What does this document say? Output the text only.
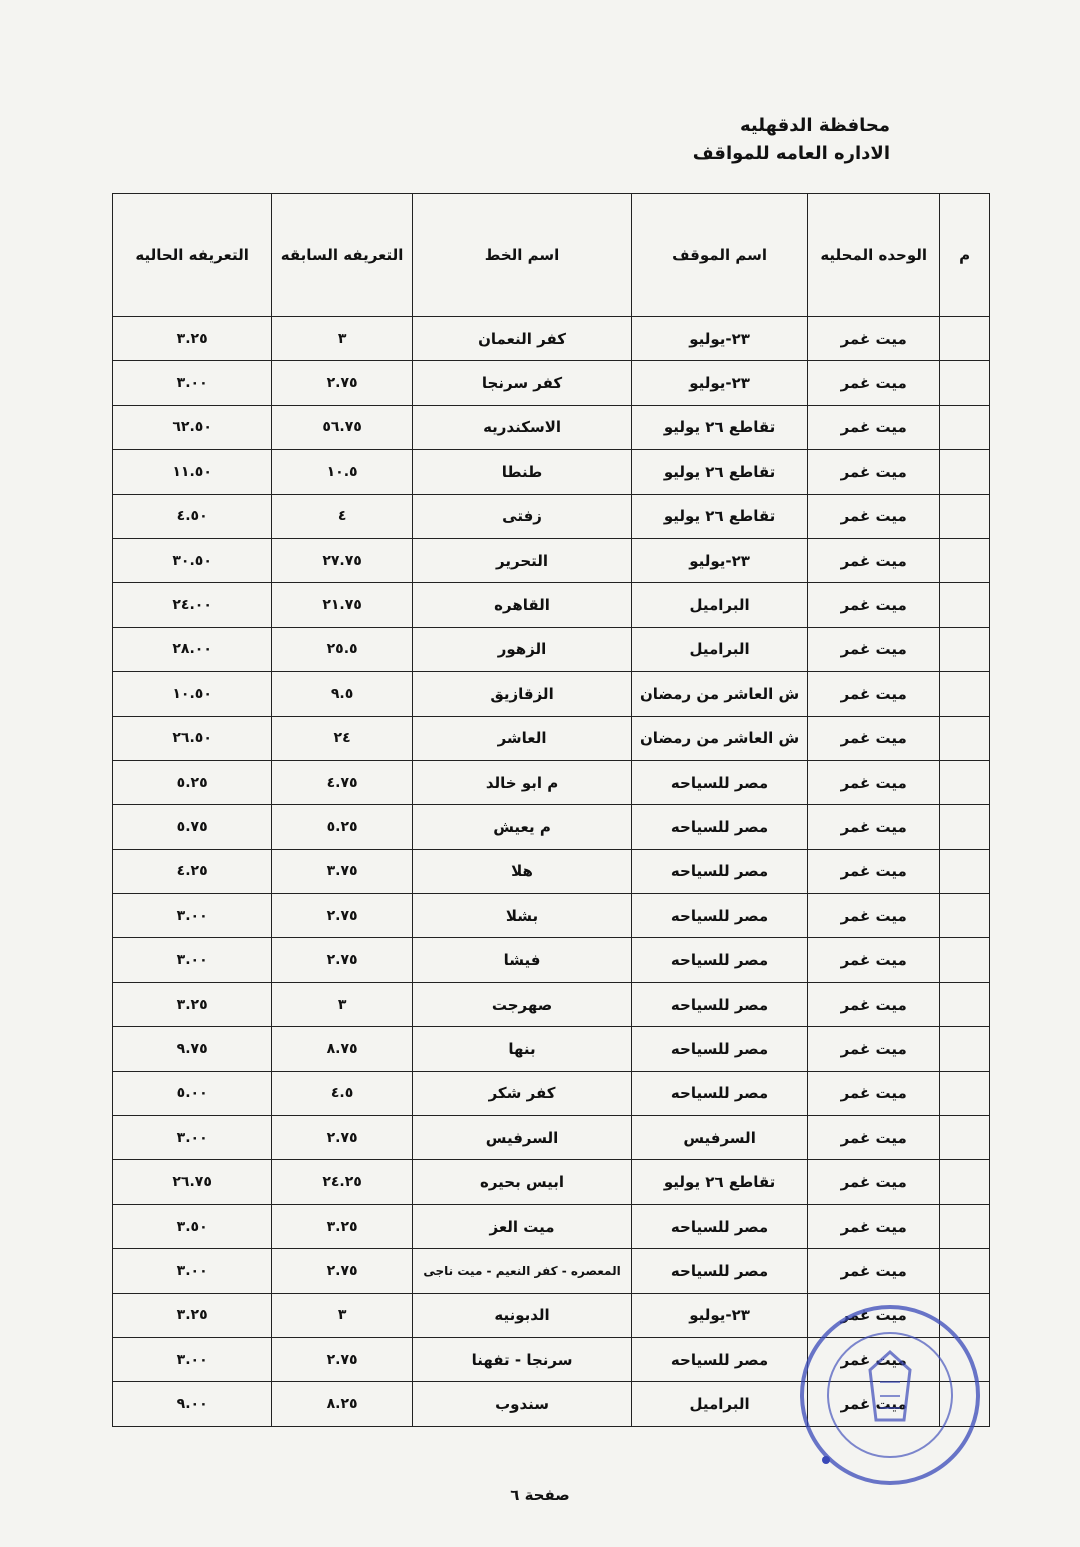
محافظة الدقهليه
الاداره العامه للمواقف
م	الوحده المحليه	اسم الموقف	اسم الخط	التعريفه السابقه	التعريفه الحاليه
	ميت غمر	٢٣-يوليو	كفر النعمان	٣	٣.٢٥
	ميت غمر	٢٣-يوليو	كفر سرنجا	٢.٧٥	٣.٠٠
	ميت غمر	تقاطع ٢٦ يوليو	الاسكندريه	٥٦.٧٥	٦٢.٥٠
	ميت غمر	تقاطع ٢٦ يوليو	طنطا	١٠.٥	١١.٥٠
	ميت غمر	تقاطع ٢٦ يوليو	زفتى	٤	٤.٥٠
	ميت غمر	٢٣-يوليو	التحرير	٢٧.٧٥	٣٠.٥٠
	ميت غمر	البراميل	القاهره	٢١.٧٥	٢٤.٠٠
	ميت غمر	البراميل	الزهور	٢٥.٥	٢٨.٠٠
	ميت غمر	ش العاشر من رمضان	الزقازيق	٩.٥	١٠.٥٠
	ميت غمر	ش العاشر من رمضان	العاشر	٢٤	٢٦.٥٠
	ميت غمر	مصر للسياحه	م ابو خالد	٤.٧٥	٥.٢٥
	ميت غمر	مصر للسياحه	م يعيش	٥.٢٥	٥.٧٥
	ميت غمر	مصر للسياحه	هلا	٣.٧٥	٤.٢٥
	ميت غمر	مصر للسياحه	بشلا	٢.٧٥	٣.٠٠
	ميت غمر	مصر للسياحه	فيشا	٢.٧٥	٣.٠٠
	ميت غمر	مصر للسياحه	صهرجت	٣	٣.٢٥
	ميت غمر	مصر للسياحه	بنها	٨.٧٥	٩.٧٥
	ميت غمر	مصر للسياحه	كفر شكر	٤.٥	٥.٠٠
	ميت غمر	السرفيس	السرفيس	٢.٧٥	٣.٠٠
	ميت غمر	تقاطع ٢٦ يوليو	ابيس بحيره	٢٤.٢٥	٢٦.٧٥
	ميت غمر	مصر للسياحه	ميت العز	٣.٢٥	٣.٥٠
	ميت غمر	مصر للسياحه	المعصره - كفر النعيم - ميت ناجى	٢.٧٥	٣.٠٠
	ميت غمر	٢٣-يوليو	الدبونيه	٣	٣.٢٥
	ميت غمر	مصر للسياحه	سرنجا - تفهنا	٢.٧٥	٣.٠٠
	ميت غمر	البراميل	سندوب	٨.٢٥	٩.٠٠
صفحة ٦
